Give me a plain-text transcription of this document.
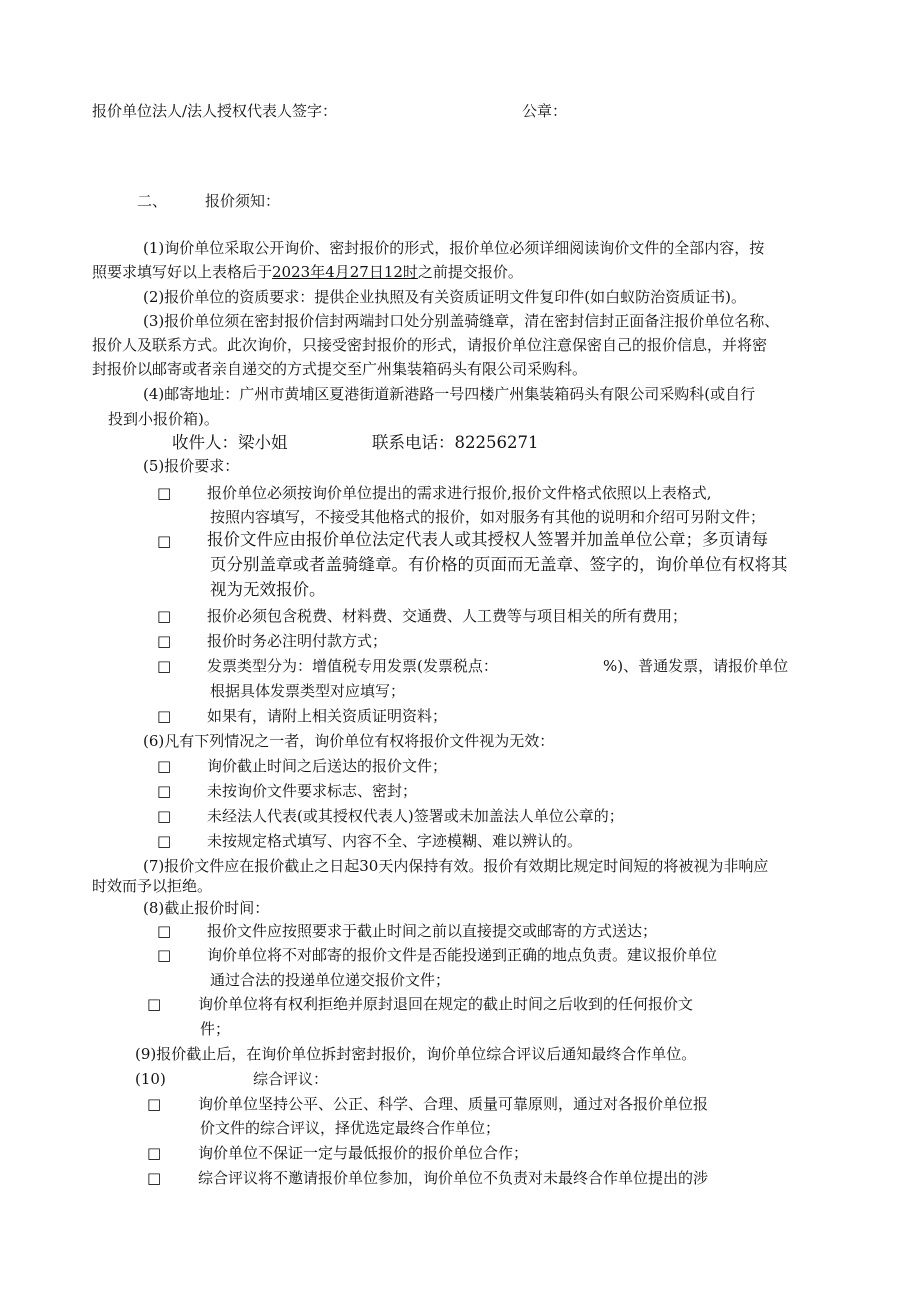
报价单位法人/法人授权代表人签字：	公章：
二、	报价须知：
(1)询价单位采取公开询价、密封报价的形式，报价单位必须详细阅读询价文件的全部内容，按
照要求填写好以上表格后于2023年4月27日12时之前提交报价。
(2)报价单位的资质要求：提供企业执照及有关资质证明文件复印件(如白蚁防治资质证书)。
(3)报价单位须在密封报价信封两端封口处分别盖骑缝章，清在密封信封正面备注报价单位名称、
报价人及联系方式。此次询价，只接受密封报价的形式，请报价单位注意保密自己的报价信息，并将密
封报价以邮寄或者亲自递交的方式提交至广州集装箱码头有限公司采购科。
(4)邮寄地址：广州市黄埔区夏港街道新港路一号四楼广州集装箱码头有限公司采购科(或自行
投到小报价箱)。
收件人：梁小姐	联系电话：82256271
(5)报价要求：
□ 报价单位必须按询价单位提出的需求进行报价,报价文件格式依照以上表格式,
按照内容填写，不接受其他格式的报价，如对服务有其他的说明和介绍可另附文件；
□ 报价文件应由报价单位法定代表人或其授权人签署并加盖单位公章；多页请每
页分别盖章或者盖骑缝章。有价格的页面而无盖章、签字的，询价单位有权将其
视为无效报价。
□ 报价必须包含税费、材料费、交通费、人工费等与项目相关的所有费用；
□ 报价时务必注明付款方式；
□ 发票类型分为：增值税专用发票(发票税点：	%)、普通发票，请报价单位
根据具体发票类型对应填写；
□ 如果有，请附上相关资质证明资料；
(6)凡有下列情况之一者，询价单位有权将报价文件视为无效：
□ 询价截止时间之后送达的报价文件；
□ 未按询价文件要求标志、密封；
□ 未经法人代表(或其授权代表人)签署或未加盖法人单位公章的；
□ 未按规定格式填写、内容不全、字迹模糊、难以辨认的。
(7)报价文件应在报价截止之日起30天内保持有效。报价有效期比规定时间短的将被视为非响应
时效而予以拒绝。
(8)截止报价时间：
□ 报价文件应按照要求于截止时间之前以直接提交或邮寄的方式送达；
□ 询价单位将不对邮寄的报价文件是否能投递到正确的地点负责。建议报价单位
通过合法的投递单位递交报价文件；
□ 询价单位将有权利拒绝并原封退回在规定的截止时间之后收到的任何报价文
件；
(9)报价截止后，在询价单位拆封密封报价，询价单位综合评议后通知最终合作单位。
(10)	综合评议：
□ 询价单位坚持公平、公正、科学、合理、质量可靠原则，通过对各报价单位报
价文件的综合评议，择优选定最终合作单位；
□ 询价单位不保证一定与最低报价的报价单位合作；
□ 综合评议将不邀请报价单位参加，询价单位不负责对未最终合作单位提出的涉
